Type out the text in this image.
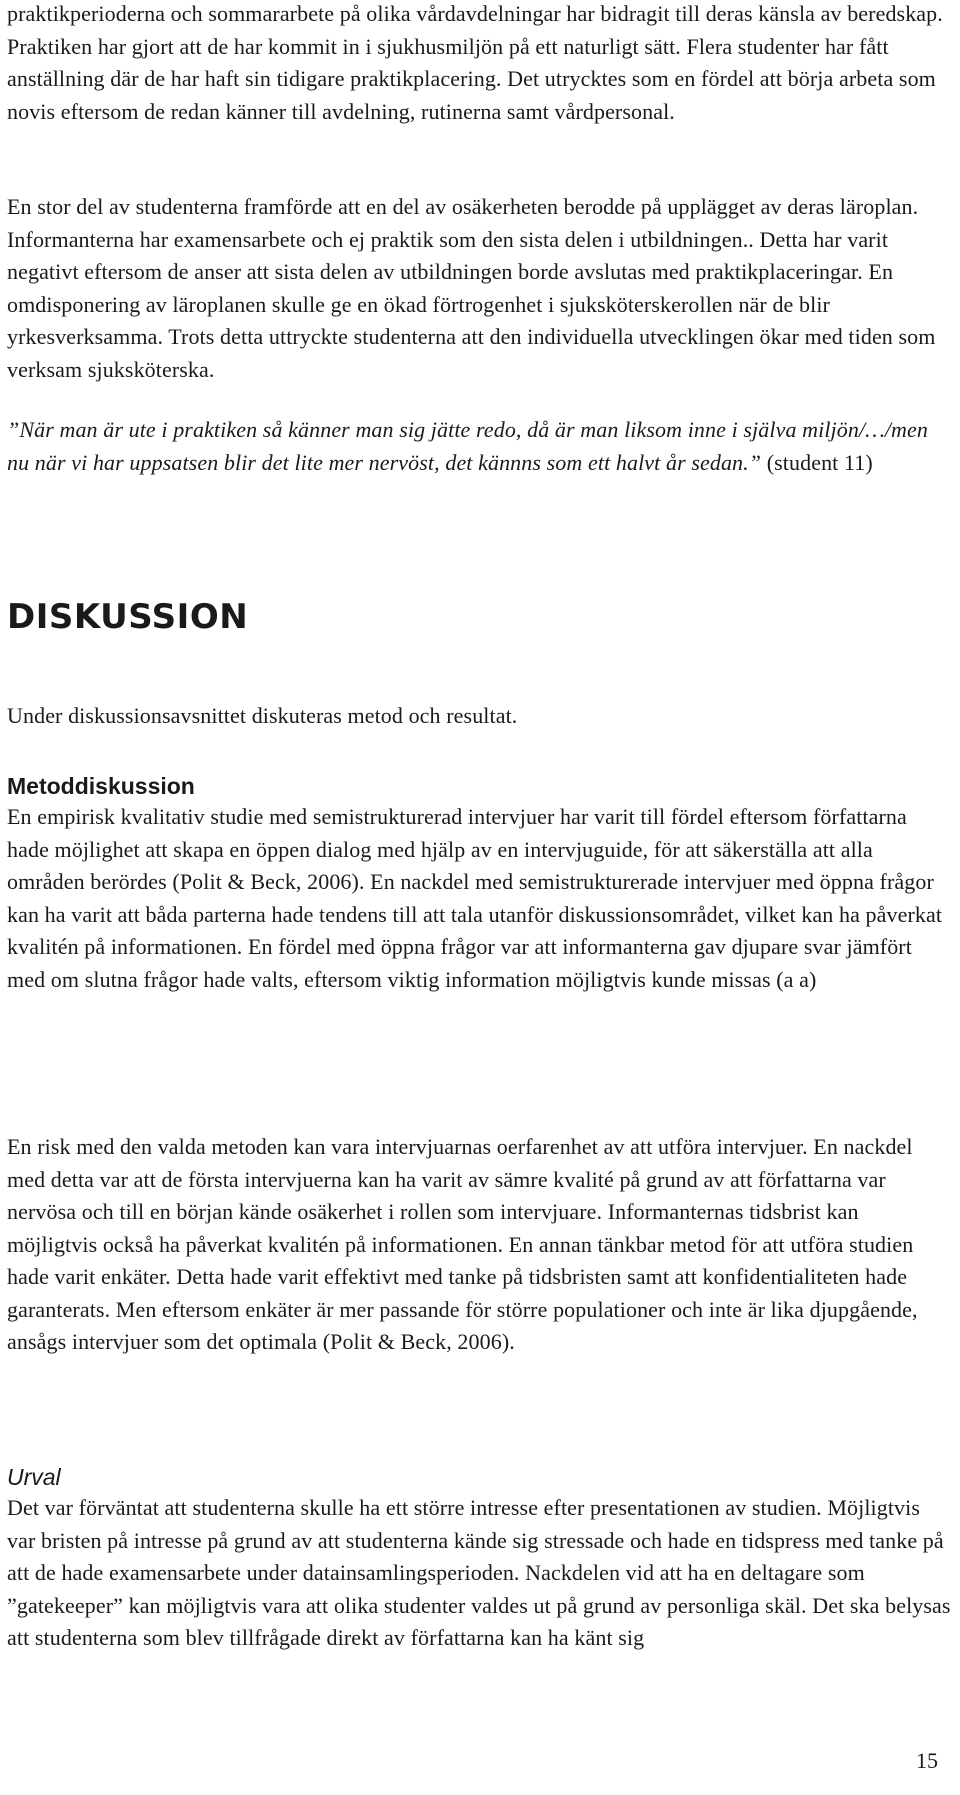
praktikperioderna och sommararbete på olika vårdavdelningar har bidragit till deras känsla av beredskap. Praktiken har gjort att de har kommit in i sjukhusmiljön på ett naturligt sätt. Flera studenter har fått anställning där de har haft sin tidigare praktikplacering. Det utrycktes som en fördel att börja arbeta som novis eftersom de redan känner till avdelning, rutinerna samt vårdpersonal.

En stor del av studenterna framförde att en del av osäkerheten berodde på upplägget av deras läroplan. Informanterna har examensarbete och ej praktik som den sista delen i utbildningen.. Detta har varit negativt eftersom de anser att sista delen av utbildningen borde avslutas med praktikplaceringar. En omdisponering av läroplanen skulle ge en ökad förtrogenhet i sjuksköterskerollen när de blir yrkesverksamma. Trots detta uttryckte studenterna att den individuella utvecklingen ökar med tiden som verksam sjuksköterska.

”När man är ute i praktiken så känner man sig jätte redo, då är man liksom inne i själva miljön/…/men nu när vi har uppsatsen blir det lite mer nervöst, det kännns som ett halvt år sedan.” (student 11)

DISKUSSION

Under diskussionsavsnittet diskuteras metod och resultat.

Metoddiskussion

En empirisk kvalitativ studie med semistrukturerad intervjuer har varit till fördel eftersom författarna hade möjlighet att skapa en öppen dialog med hjälp av en intervjuguide, för att säkerställa att alla områden berördes (Polit & Beck, 2006). En nackdel med semistrukturerade intervjuer med öppna frågor kan ha varit att båda parterna hade tendens till att tala utanför diskussionsområdet, vilket kan ha påverkat kvalitén på informationen. En fördel med öppna frågor var att informanterna gav djupare svar jämfört med om slutna frågor hade valts, eftersom viktig information möjligtvis kunde missas (a a)

En risk med den valda metoden kan vara intervjuarnas oerfarenhet av att utföra intervjuer. En nackdel med detta var att de första intervjuerna kan ha varit av sämre kvalité på grund av att författarna var nervösa och till en början kände osäkerhet i rollen som intervjuare. Informanternas tidsbrist kan möjligtvis också ha påverkat kvalitén på informationen. En annan tänkbar metod för att utföra studien hade varit enkäter. Detta hade varit effektivt med tanke på tidsbristen samt att konfidentialiteten hade garanterats. Men eftersom enkäter är mer passande för större populationer och inte är lika djupgående, ansågs intervjuer som det optimala (Polit & Beck, 2006).

Urval

Det var förväntat att studenterna skulle ha ett större intresse efter presentationen av studien. Möjligtvis var bristen på intresse på grund av att studenterna kände sig stressade och hade en tidspress med tanke på att de hade examensarbete under datainsamlingsperioden. Nackdelen vid att ha en deltagare som ”gatekeeper” kan möjligtvis vara att olika studenter valdes ut på grund av personliga skäl. Det ska belysas att studenterna som blev tillfrågade direkt av författarna kan ha känt sig

15
